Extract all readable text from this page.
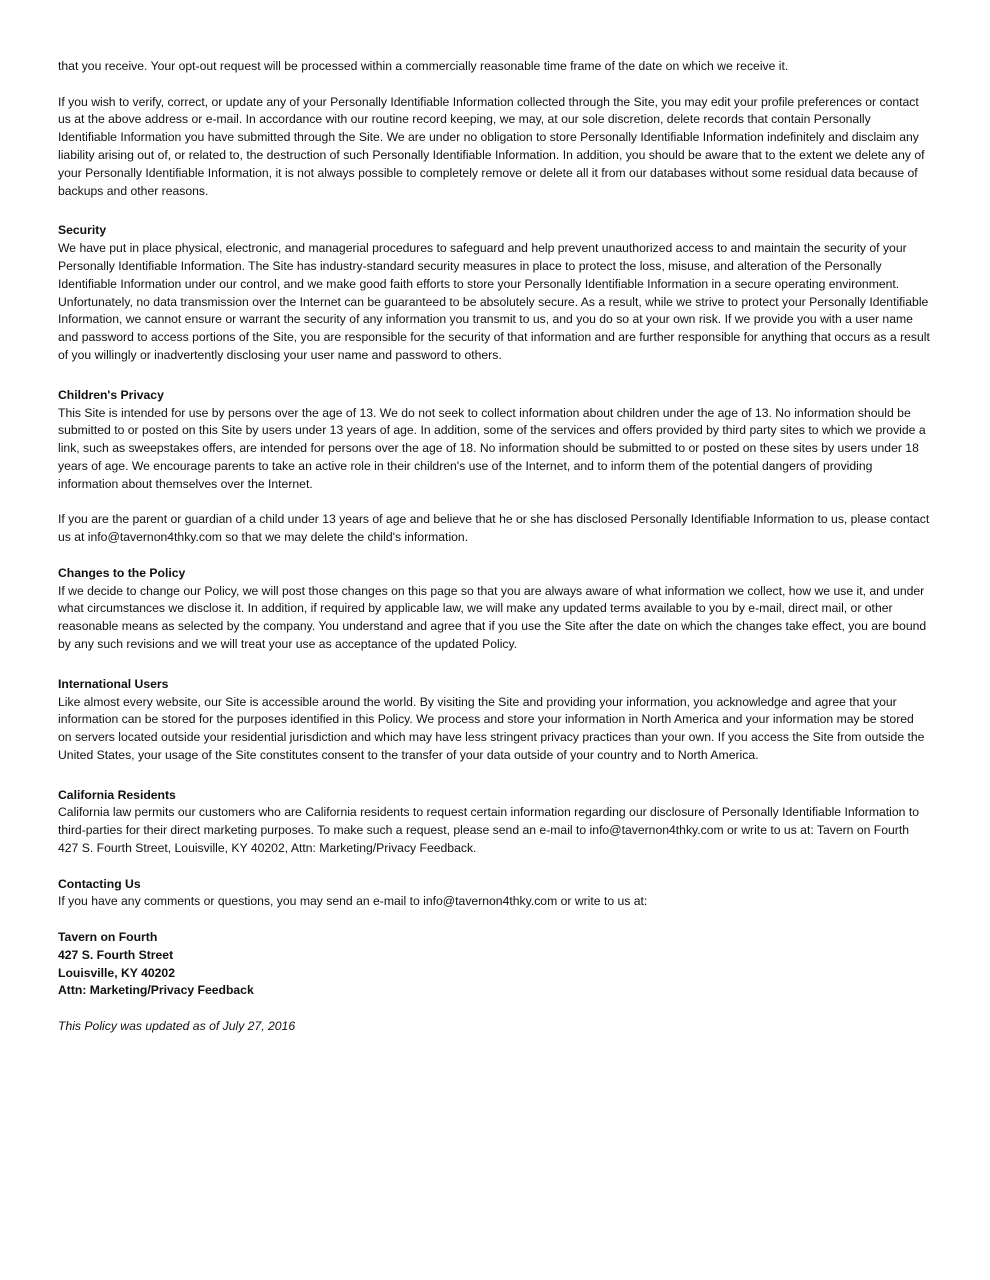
that you receive. Your opt-out request will be processed within a commercially reasonable time frame of the date on which we receive it.

If you wish to verify, correct, or update any of your Personally Identifiable Information collected through the Site, you may edit your profile preferences or contact us at the above address or e-mail. In accordance with our routine record keeping, we may, at our sole discretion, delete records that contain Personally Identifiable Information you have submitted through the Site. We are under no obligation to store Personally Identifiable Information indefinitely and disclaim any liability arising out of, or related to, the destruction of such Personally Identifiable Information. In addition, you should be aware that to the extent we delete any of your Personally Identifiable Information, it is not always possible to completely remove or delete all it from our databases without some residual data because of backups and other reasons.

Security

We have put in place physical, electronic, and managerial procedures to safeguard and help prevent unauthorized access to and maintain the security of your Personally Identifiable Information. The Site has industry-standard security measures in place to protect the loss, misuse, and alteration of the Personally Identifiable Information under our control, and we make good faith efforts to store your Personally Identifiable Information in a secure operating environment. Unfortunately, no data transmission over the Internet can be guaranteed to be absolutely secure. As a result, while we strive to protect your Personally Identifiable Information, we cannot ensure or warrant the security of any information you transmit to us, and you do so at your own risk. If we provide you with a user name and password to access portions of the Site, you are responsible for the security of that information and are further responsible for anything that occurs as a result of you willingly or inadvertently disclosing your user name and password to others.

Children's Privacy

This Site is intended for use by persons over the age of 13. We do not seek to collect information about children under the age of 13. No information should be submitted to or posted on this Site by users under 13 years of age. In addition, some of the services and offers provided by third party sites to which we provide a link, such as sweepstakes offers, are intended for persons over the age of 18. No information should be submitted to or posted on these sites by users under 18 years of age. We encourage parents to take an active role in their children's use of the Internet, and to inform them of the potential dangers of providing information about themselves over the Internet.

If you are the parent or guardian of a child under 13 years of age and believe that he or she has disclosed Personally Identifiable Information to us, please contact us at info@tavernon4thky.com so that we may delete the child's information.

Changes to the Policy

If we decide to change our Policy, we will post those changes on this page so that you are always aware of what information we collect, how we use it, and under what circumstances we disclose it. In addition, if required by applicable law, we will make any updated terms available to you by e-mail, direct mail, or other reasonable means as selected by the company. You understand and agree that if you use the Site after the date on which the changes take effect, you are bound by any such revisions and we will treat your use as acceptance of the updated Policy.

International Users

Like almost every website, our Site is accessible around the world. By visiting the Site and providing your information, you acknowledge and agree that your information can be stored for the purposes identified in this Policy. We process and store your information in North America and your information may be stored on servers located outside your residential jurisdiction and which may have less stringent privacy practices than your own. If you access the Site from outside the United States, your usage of the Site constitutes consent to the transfer of your data outside of your country and to North America.

California Residents

California law permits our customers who are California residents to request certain information regarding our disclosure of Personally Identifiable Information to third-parties for their direct marketing purposes. To make such a request, please send an e-mail to info@tavernon4thky.com or write to us at: Tavern on Fourth 427 S. Fourth Street, Louisville, KY 40202, Attn: Marketing/Privacy Feedback.

Contacting Us

If you have any comments or questions, you may send an e-mail to info@tavernon4thky.com or write to us at:

Tavern on Fourth

427 S. Fourth Street

Louisville, KY 40202

Attn: Marketing/Privacy Feedback

This Policy was updated as of July 27, 2016
